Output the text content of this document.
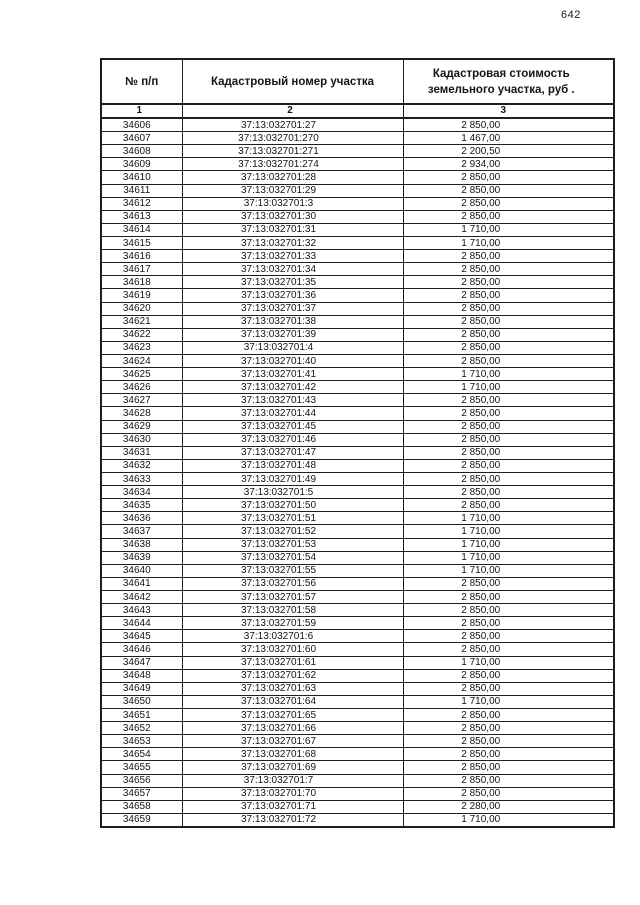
642
№ п/п	Кадастровый номер участка	Кадастровая стоимость
земельного участка, руб .

1	2	3
34606	37:13:032701:27	2 850,00
34607	37:13:032701:270	1 467,00
34608	37:13:032701:271	2 200,50
34609	37:13:032701:274	2 934,00
34610	37:13:032701:28	2 850,00
34611	37:13:032701:29	2 850,00
34612	37:13:032701:3	2 850,00
34613	37:13:032701:30	2 850,00
34614	37:13:032701:31	1 710,00
34615	37:13:032701:32	1 710,00
34616	37:13:032701:33	2 850,00
34617	37:13:032701:34	2 850,00
34618	37:13:032701:35	2 850,00
34619	37:13:032701:36	2 850,00
34620	37:13:032701:37	2 850,00
34621	37:13:032701:38	2 850,00
34622	37:13:032701:39	2 850,00
34623	37:13:032701:4	2 850,00
34624	37:13:032701:40	2 850,00
34625	37:13:032701:41	1 710,00
34626	37:13:032701:42	1 710,00
34627	37:13:032701:43	2 850,00
34628	37:13:032701:44	2 850,00
34629	37:13:032701:45	2 850,00
34630	37:13:032701:46	2 850,00
34631	37:13:032701:47	2 850,00
34632	37:13:032701:48	2 850,00
34633	37:13:032701:49	2 850,00
34634	37:13:032701:5	2 850,00
34635	37:13:032701:50	2 850,00
34636	37:13:032701:51	1 710,00
34637	37:13:032701:52	1 710,00
34638	37:13:032701:53	1 710,00
34639	37:13:032701:54	1 710,00
34640	37:13:032701:55	1 710,00
34641	37:13:032701:56	2 850,00
34642	37:13:032701:57	2 850,00
34643	37:13:032701:58	2 850,00
34644	37:13:032701:59	2 850,00
34645	37:13:032701:6	2 850,00
34646	37:13:032701:60	2 850,00
34647	37:13:032701:61	1 710,00
34648	37:13:032701:62	2 850,00
34649	37:13:032701:63	2 850,00
34650	37:13:032701:64	1 710,00
34651	37:13:032701:65	2 850,00
34652	37:13:032701:66	2 850,00
34653	37:13:032701:67	2 850,00
34654	37:13:032701:68	2 850,00
34655	37:13:032701:69	2 850,00
34656	37:13:032701:7	2 850,00
34657	37:13:032701:70	2 850,00
34658	37:13:032701:71	2 280,00
34659	37:13:032701:72	1 710,00
